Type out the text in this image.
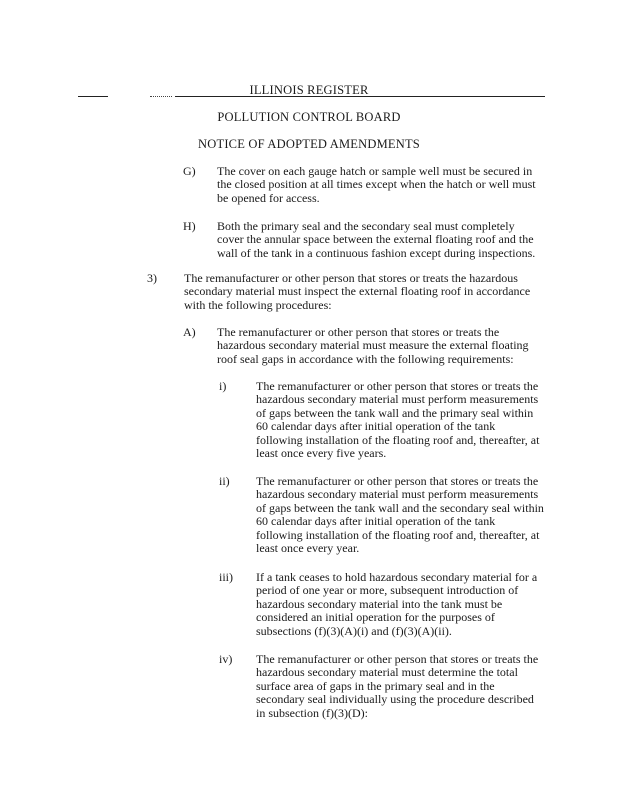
ILLINOIS REGISTER
POLLUTION CONTROL BOARD
NOTICE OF ADOPTED AMENDMENTS
G) The cover on each gauge hatch or sample well must be secured in the closed position at all times except when the hatch or well must be opened for access.
H) Both the primary seal and the secondary seal must completely cover the annular space between the external floating roof and the wall of the tank in a continuous fashion except during inspections.
3) The remanufacturer or other person that stores or treats the hazardous secondary material must inspect the external floating roof in accordance with the following procedures:
A) The remanufacturer or other person that stores or treats the hazardous secondary material must measure the external floating roof seal gaps in accordance with the following requirements:
i) The remanufacturer or other person that stores or treats the hazardous secondary material must perform measurements of gaps between the tank wall and the primary seal within 60 calendar days after initial operation of the tank following installation of the floating roof and, thereafter, at least once every five years.
ii) The remanufacturer or other person that stores or treats the hazardous secondary material must perform measurements of gaps between the tank wall and the secondary seal within 60 calendar days after initial operation of the tank following installation of the floating roof and, thereafter, at least once every year.
iii) If a tank ceases to hold hazardous secondary material for a period of one year or more, subsequent introduction of hazardous secondary material into the tank must be considered an initial operation for the purposes of subsections (f)(3)(A)(i) and (f)(3)(A)(ii).
iv) The remanufacturer or other person that stores or treats the hazardous secondary material must determine the total surface area of gaps in the primary seal and in the secondary seal individually using the procedure described in subsection (f)(3)(D):
